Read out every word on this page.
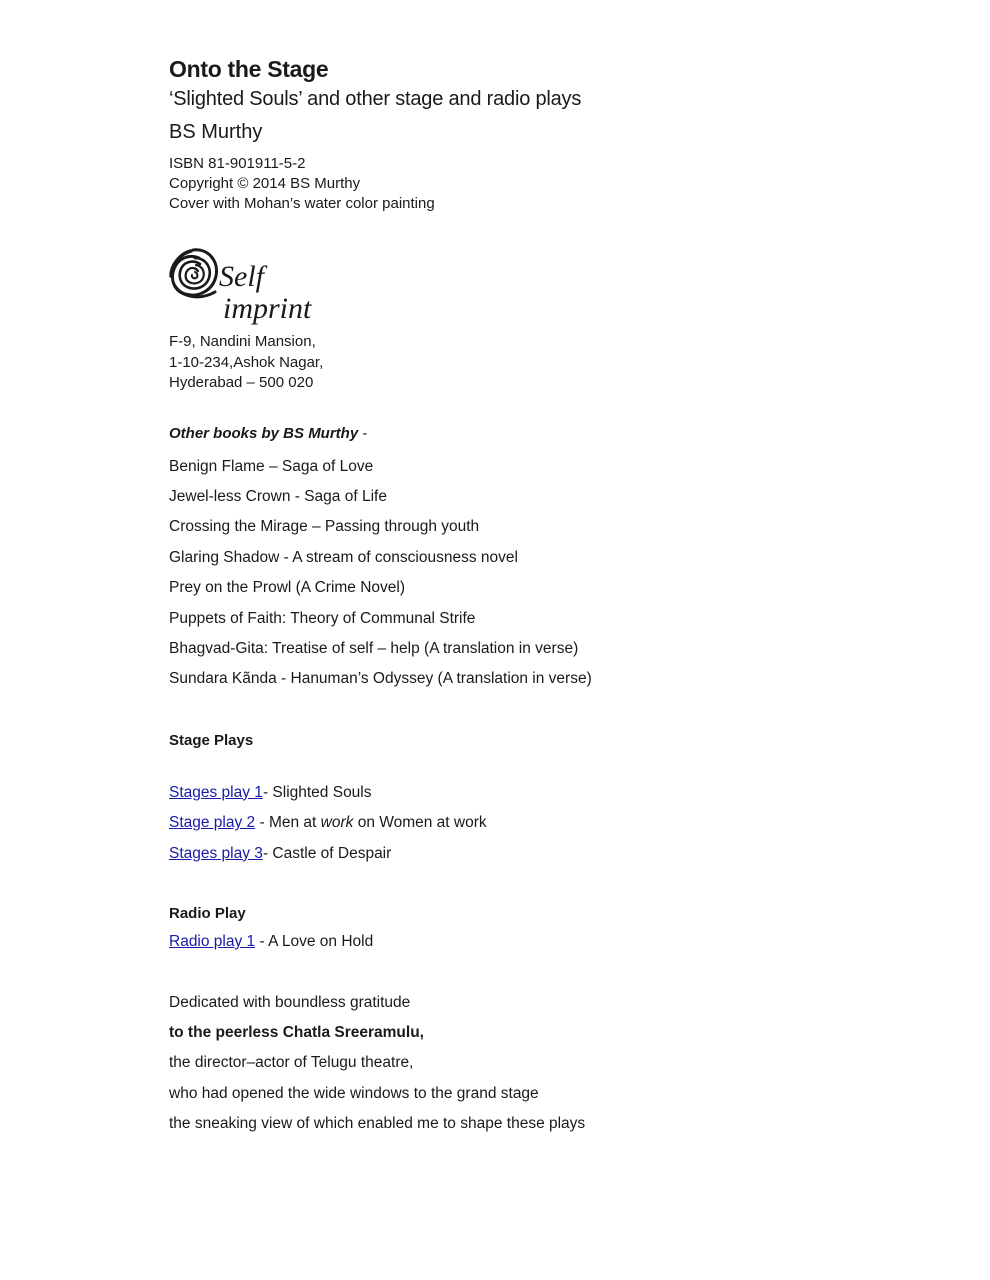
Onto the Stage
‘Slighted Souls’ and other stage and radio plays
BS Murthy
ISBN 81-901911-5-2
Copyright © 2014 BS Murthy
Cover with Mohan’s water color painting
Self
imprint
F-9, Nandini Mansion,
1-10-234,Ashok Nagar,
Hyderabad – 500 020
Other books by BS Murthy -
Benign Flame – Saga of Love
Jewel-less Crown - Saga of Life
Crossing the Mirage – Passing through youth
Glaring Shadow - A stream of consciousness novel
Prey on the Prowl (A Crime Novel)
Puppets of Faith: Theory of Communal Strife
Bhagvad-Gita: Treatise of self – help (A translation in verse)
Sundara Kãnda - Hanuman’s Odyssey (A translation in verse)
Stage Plays
Stages play 1- Slighted Souls
Stage play 2 - Men at work on Women at work
Stages play 3- Castle of Despair
Radio Play
Radio play 1 - A Love on Hold
Dedicated with boundless gratitude
to the peerless Chatla Sreeramulu,
the director–actor of Telugu theatre,
who had opened the wide windows to the grand stage
the sneaking view of which enabled me to shape these plays
